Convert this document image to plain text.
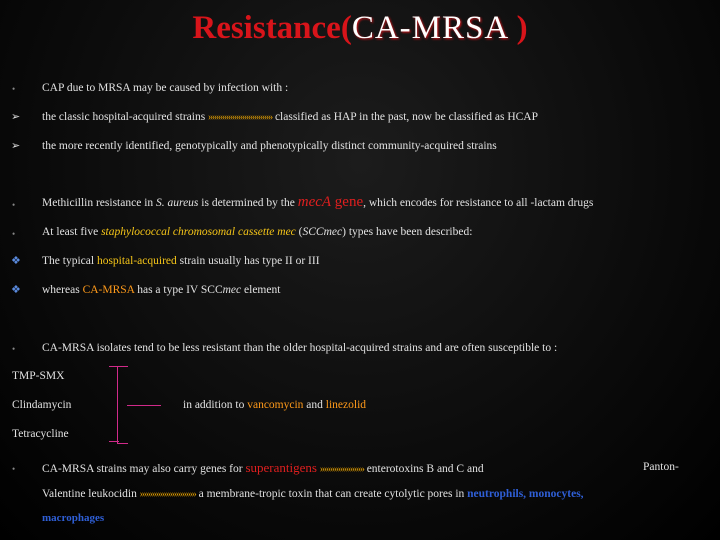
Resistance(CA-MRSA )
• CAP due to MRSA may be caused by infection with :
➢ the classic hospital-acquired strains »»»»»»»»»»»»»»»» classified as HAP in the past, now be classified as HCAP
➢ the more recently identified, genotypically and phenotypically distinct community-acquired strains
• Methicillin resistance in S. aureus is determined by the mecA gene, which encodes for resistance to all -lactam drugs
• At least five staphylococcal chromosomal cassette mec (SCCmec) types have been described:
❖ The typical hospital-acquired strain usually has type II or III
❖ whereas CA-MRSA has a type IV SCCmec element
• CA-MRSA isolates tend to be less resistant than the older hospital-acquired strains and are often susceptible to :
TMP-SMX
Clindamycin
Tetracycline
in addition to vancomycin and linezolid
• CA-MRSA strains may also carry genes for superantigens »»»»»»»»»»» enterotoxins B and C and	Panton-
Valentine leukocidin »»»»»»»»»»»»»» a membrane-tropic toxin that can create cytolytic pores in neutrophils, monocytes,
macrophages
